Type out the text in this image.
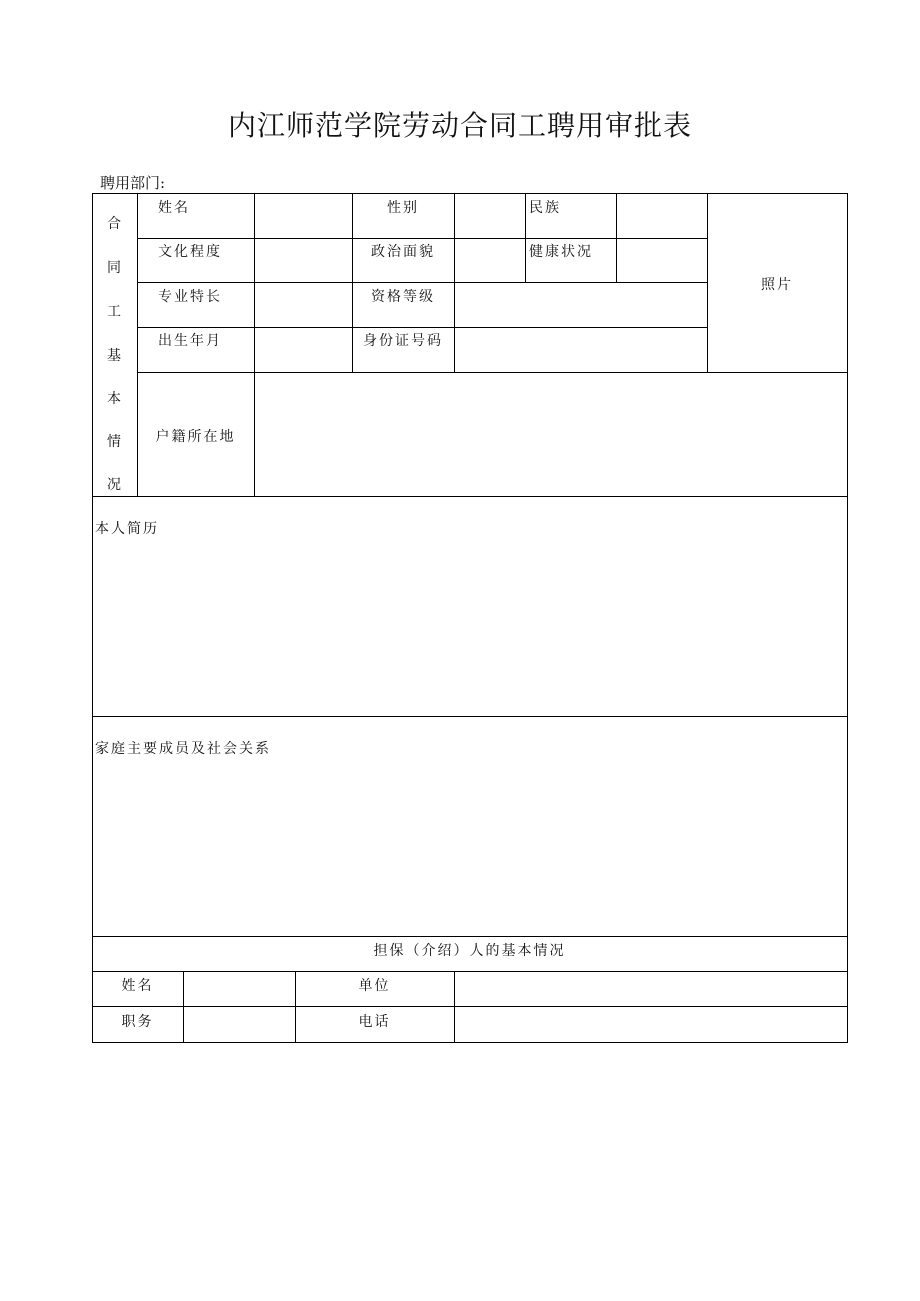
内江师范学院劳动合同工聘用审批表
聘用部门:
合
同
工
基
本
情
况
姓名	性别	民族
文化程度	政治面貌	健康状况
专业特长	资格等级
出生年月	身份证号码
照片
户籍所在地
本人简历
家庭主要成员及社会关系
担保（介绍）人的基本情况
姓名	单位
职务	电话
